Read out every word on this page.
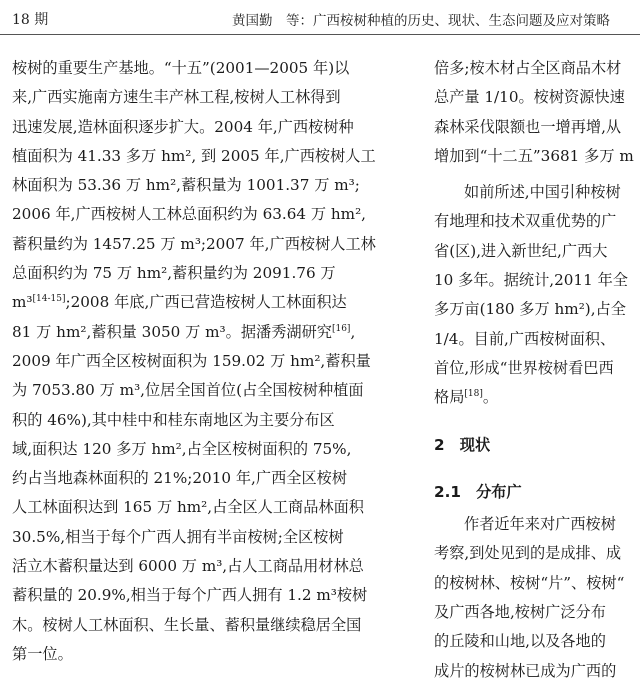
18 期	黄国勤　等：广西桉树种植的历史、现状、生态问题及应对策略
桉树的重要生产基地。“十五”(2001—2005 年)以
来,广西实施南方速生丰产林工程,桉树人工林得到
迅速发展,造林面积逐步扩大。2004 年,广西桉树种
植面积为 41.33 多万 hm², 到 2005 年,广西桉树人工
林面积为 53.36 万 hm²,蓄积量为 1001.37 万 m³;
2006 年,广西桉树人工林总面积约为 63.64 万 hm²,
蓄积量约为 1457.25 万 m³;2007 年,广西桉树人工林
总面积约为 75 万 hm²,蓄积量约为 2091.76 万
m³[14-15];2008 年底,广西已营造桉树人工林面积达
81 万 hm²,蓄积量 3050 万 m³。据潘秀湖研究[16],
2009 年广西全区桉树面积为 159.02 万 hm²,蓄积量
为 7053.80 万 m³,位居全国首位(占全国桉树种植面
积的 46%),其中桂中和桂东南地区为主要分布区
域,面积达 120 多万 hm²,占全区桉树面积的 75%,
约占当地森林面积的 21%;2010 年,广西全区桉树
人工林面积达到 165 万 hm²,占全区人工商品林面积
30.5%,相当于每个广西人拥有半亩桉树;全区桉树
活立木蓄积量达到 6000 万 m³,占人工商品用材林总
蓄积量的 20.9%,相当于每个广西人拥有 1.2 m³桉树
木。桉树人工林面积、生长量、蓄积量继续稳居全国
第一位。
倍多;桉木材占全区商品木材
总产量 1/10。桉树资源快速
森林采伐限额也一增再增,从
增加到“十二五”3681 多万 m
如前所述,中国引种桉树
有地理和技术双重优势的广
省(区),进入新世纪,广西大
10 多年。据统计,2011 年全
多万亩(180 多万 hm²),占全
1/4。目前,广西桉树面积、
首位,形成“世界桉树看巴西
格局[18]。
2　现状
2.1　分布广
作者近年来对广西桉树
考察,到处见到的是成排、成
的桉树林、桉树“片”、桉树“
及广西各地,桉树广泛分布
的丘陵和山地,以及各地的
成片的桉树林已成为广西的
